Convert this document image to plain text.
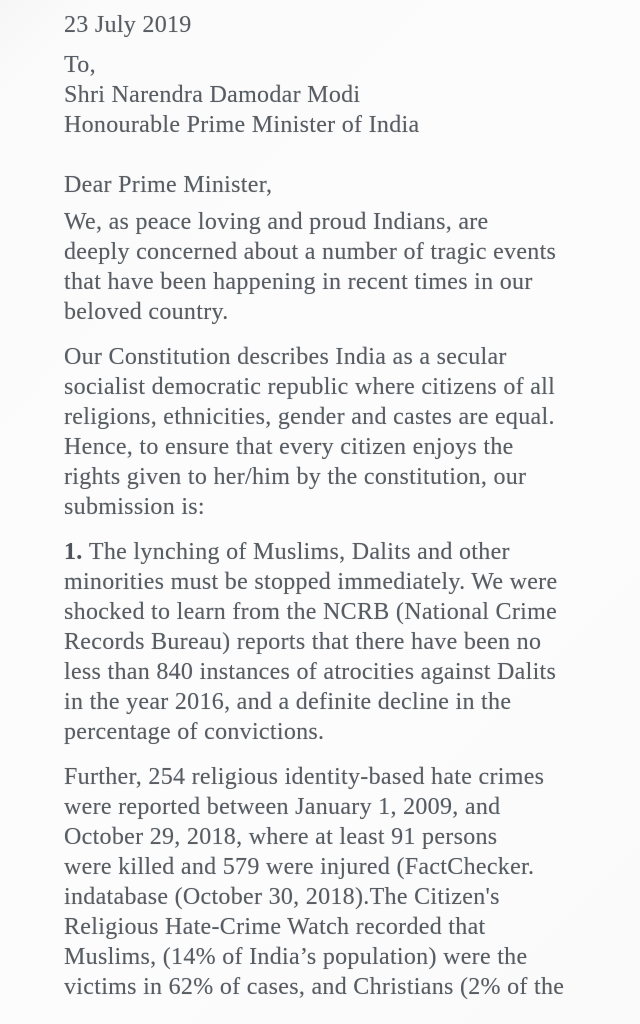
23 July 2019
To,
Shri Narendra Damodar Modi
Honourable Prime Minister of India
Dear Prime Minister,
We, as peace loving and proud Indians, are
deeply concerned about a number of tragic events
that have been happening in recent times in our
beloved country.
Our Constitution describes India as a secular
socialist democratic republic where citizens of all
religions, ethnicities, gender and castes are equal.
Hence, to ensure that every citizen enjoys the
rights given to her/him by the constitution, our
submission is:
1. The lynching of Muslims, Dalits and other
minorities must be stopped immediately. We were
shocked to learn from the NCRB (National Crime
Records Bureau) reports that there have been no
less than 840 instances of atrocities against Dalits
in the year 2016, and a definite decline in the
percentage of convictions.
Further, 254 religious identity-based hate crimes
were reported between January 1, 2009, and
October 29, 2018, where at least 91 persons
were killed and 579 were injured (FactChecker.
indatabase (October 30, 2018).The Citizen's
Religious Hate-Crime Watch recorded that
Muslims, (14% of India’s population) were the
victims in 62% of cases, and Christians (2% of the
